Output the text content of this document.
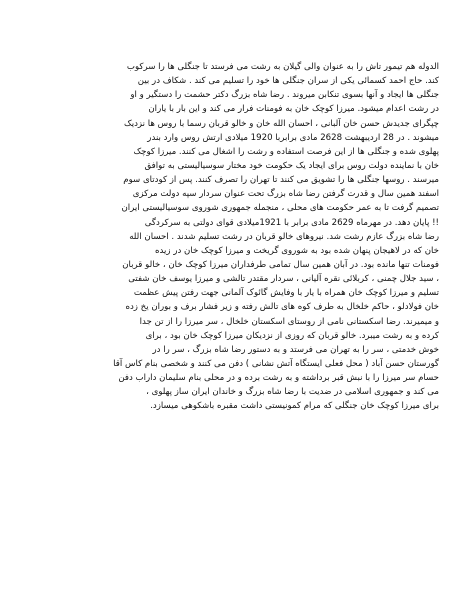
الدوله هم تیمور تاش را به عنوان والی گیلان به رشت می فرستد تا جنگلی ها را سرکوب
کند. حاج احمد کسمائی یکی از سران جنگلی ها خود را تسلیم می کند . شکاف در بین
جنگلی ها ایجاد و آنها بسوی تنکابن میروند . رضا شاه بزرگ دکتر حشمت را دستگیر و او
در رشت اعدام میشود. میرزا کوچک خان به فومنات فرار می کند و این بار با یاران
چپگرای جدیدش حسن خان آلبانی ، احسان الله خان و خالو قربان رسما با روس ها نزدیک
میشوند . در 28 اردیبهشت 2628 مادی برابربا 1920 میلادی ارتش روس وارد بندر
پهلوی شده و جنگلی ها از این فرصت استفاده و رشت را اشغال می کنند. میرزا کوچک
خان با نماینده دولت روس برای ایجاد یک حکومت خود مختار سوسیالیستی به توافق
میرسند . روسها جنگلی ها را تشویق می کنند تا تهران را تصرف کنند. پس از کودتای سوم
اسفند همین سال و قدرت گرفتن رضا شاه بزرگ تحت عنوان سردار سپه دولت مرکزی
تصمیم گرفت تا به عمر حکومت های محلی ، منجمله جمهوری شوروی سوسیالیستی ایران
!! پایان دهد. در مهرماه 2629 مادی برابر با 1921میلادی قوای دولتی به سرکردگی
رضا شاه بزرگ عازم رشت شد. نیروهای خالو قربان در رشت تسلیم شدند . احسان الله
خان که در لاهیجان پنهان شده بود به شوروی گریخت و میرزا کوچک خان در زیده
فومنات تنها مانده بود. در آبان همین سال تمامی طرفداران میرزا کوچک خان ، خالو قربان
، سید جلال چمنی ، کربلائی نقره آلیانی ، سردار مقتدر تالشی و میرزا یوسف خان شفتی
تسلیم و میرزا کوچک خان همراه با یار با وفایش گائوک آلمانی جهت رفتن پیش عظمت
خان فولادلو ، حاکم خلخال به طرف کوه های تالش رفته و زیر فشار برف و بوران یخ زده
و میمیرند. رضا اسکستانی نامی از روستای اسکستان خلخال ، سر میرزا را از تن جدا
کرده و به رشت میبرد. خالو قربان که روزی از نزدیکان میرزا کوچک خان بود ، برای
خوش خدمتی ، سر را به تهران می فرستد و به دستور رضا شاه بزرگ ، سر را در
گورستان حسن آباد ( محل فعلی ایستگاه آتش نشانی ) دفن می کنند و شخصی بنام کاس آقا
حسام سر میرزا را با نبش قبر برداشته و به رشت برده و در محلی بنام سلیمان داراب دفن
می کند و جمهوری اسلامی در ضدیت با رضا شاه بزرگ و خاندان ایران ساز پهلوی ،
برای میرزا کوچک خان جنگلی که مرام کمونیستی داشت مقبره باشکوهی میسازد.
